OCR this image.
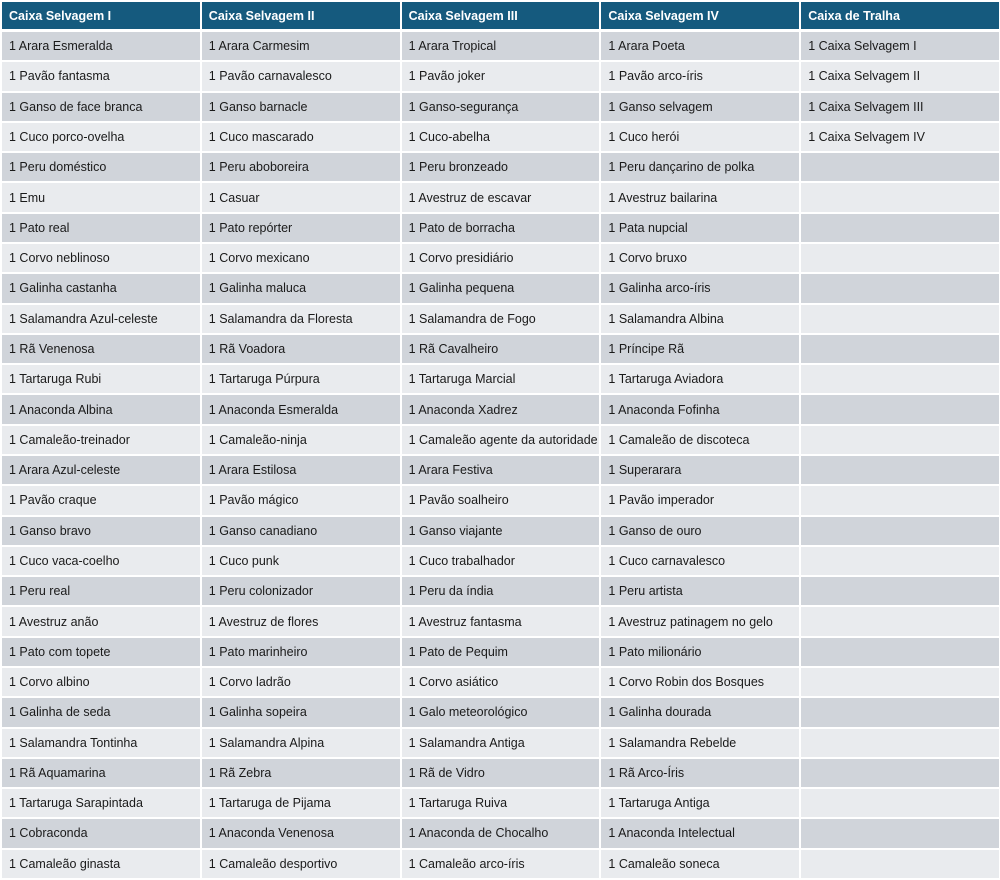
Caixa Selvagem I	Caixa Selvagem II	Caixa Selvagem III	Caixa Selvagem IV	Caixa de Tralha
1 Arara Esmeralda	1 Arara Carmesim	1 Arara Tropical	1 Arara Poeta	1 Caixa Selvagem I
1 Pavão fantasma	1 Pavão carnavalesco	1 Pavão joker	1 Pavão arco-íris	1 Caixa Selvagem II
1 Ganso de face branca	1 Ganso barnacle	1 Ganso-segurança	1 Ganso selvagem	1 Caixa Selvagem III
1 Cuco porco-ovelha	1 Cuco mascarado	1 Cuco-abelha	1 Cuco herói	1 Caixa Selvagem IV
1 Peru doméstico	1 Peru aboboreira	1 Peru bronzeado	1 Peru dançarino de polka	
1 Emu	1 Casuar	1 Avestruz de escavar	1 Avestruz bailarina	
1 Pato real	1 Pato repórter	1 Pato de borracha	1 Pata nupcial	
1 Corvo neblinoso	1 Corvo mexicano	1 Corvo presidiário	1 Corvo bruxo	
1 Galinha castanha	1 Galinha maluca	1 Galinha pequena	1 Galinha arco-íris	
1 Salamandra Azul-celeste	1 Salamandra da Floresta	1 Salamandra de Fogo	1 Salamandra Albina	
1 Rã Venenosa	1 Rã Voadora	1 Rã Cavalheiro	1 Príncipe Rã	
1 Tartaruga Rubi	1 Tartaruga Púrpura	1 Tartaruga Marcial	1 Tartaruga Aviadora	
1 Anaconda Albina	1 Anaconda Esmeralda	1 Anaconda Xadrez	1 Anaconda Fofinha	
1 Camaleão-treinador	1 Camaleão-ninja	1 Camaleão agente da autoridade	1 Camaleão de discoteca	
1 Arara Azul-celeste	1 Arara Estilosa	1 Arara Festiva	1 Superarara	
1 Pavão craque	1 Pavão mágico	1 Pavão soalheiro	1 Pavão imperador	
1 Ganso bravo	1 Ganso canadiano	1 Ganso viajante	1 Ganso de ouro	
1 Cuco vaca-coelho	1 Cuco punk	1 Cuco trabalhador	1 Cuco carnavalesco	
1 Peru real	1 Peru colonizador	1 Peru da índia	1 Peru artista	
1 Avestruz anão	1 Avestruz de flores	1 Avestruz fantasma	1 Avestruz patinagem no gelo	
1 Pato com topete	1 Pato marinheiro	1 Pato de Pequim	1 Pato milionário	
1 Corvo albino	1 Corvo ladrão	1 Corvo asiático	1 Corvo Robin dos Bosques	
1 Galinha de seda	1 Galinha sopeira	1 Galo meteorológico	1 Galinha dourada	
1 Salamandra Tontinha	1 Salamandra Alpina	1 Salamandra Antiga	1 Salamandra Rebelde	
1 Rã Aquamarina	1 Rã Zebra	1 Rã de Vidro	1 Rã Arco-Íris	
1 Tartaruga Sarapintada	1 Tartaruga de Pijama	1 Tartaruga Ruiva	1 Tartaruga Antiga	
1 Cobraconda	1 Anaconda Venenosa	1 Anaconda de Chocalho	1 Anaconda Intelectual	
1 Camaleão ginasta	1 Camaleão desportivo	1 Camaleão arco-íris	1 Camaleão soneca	
